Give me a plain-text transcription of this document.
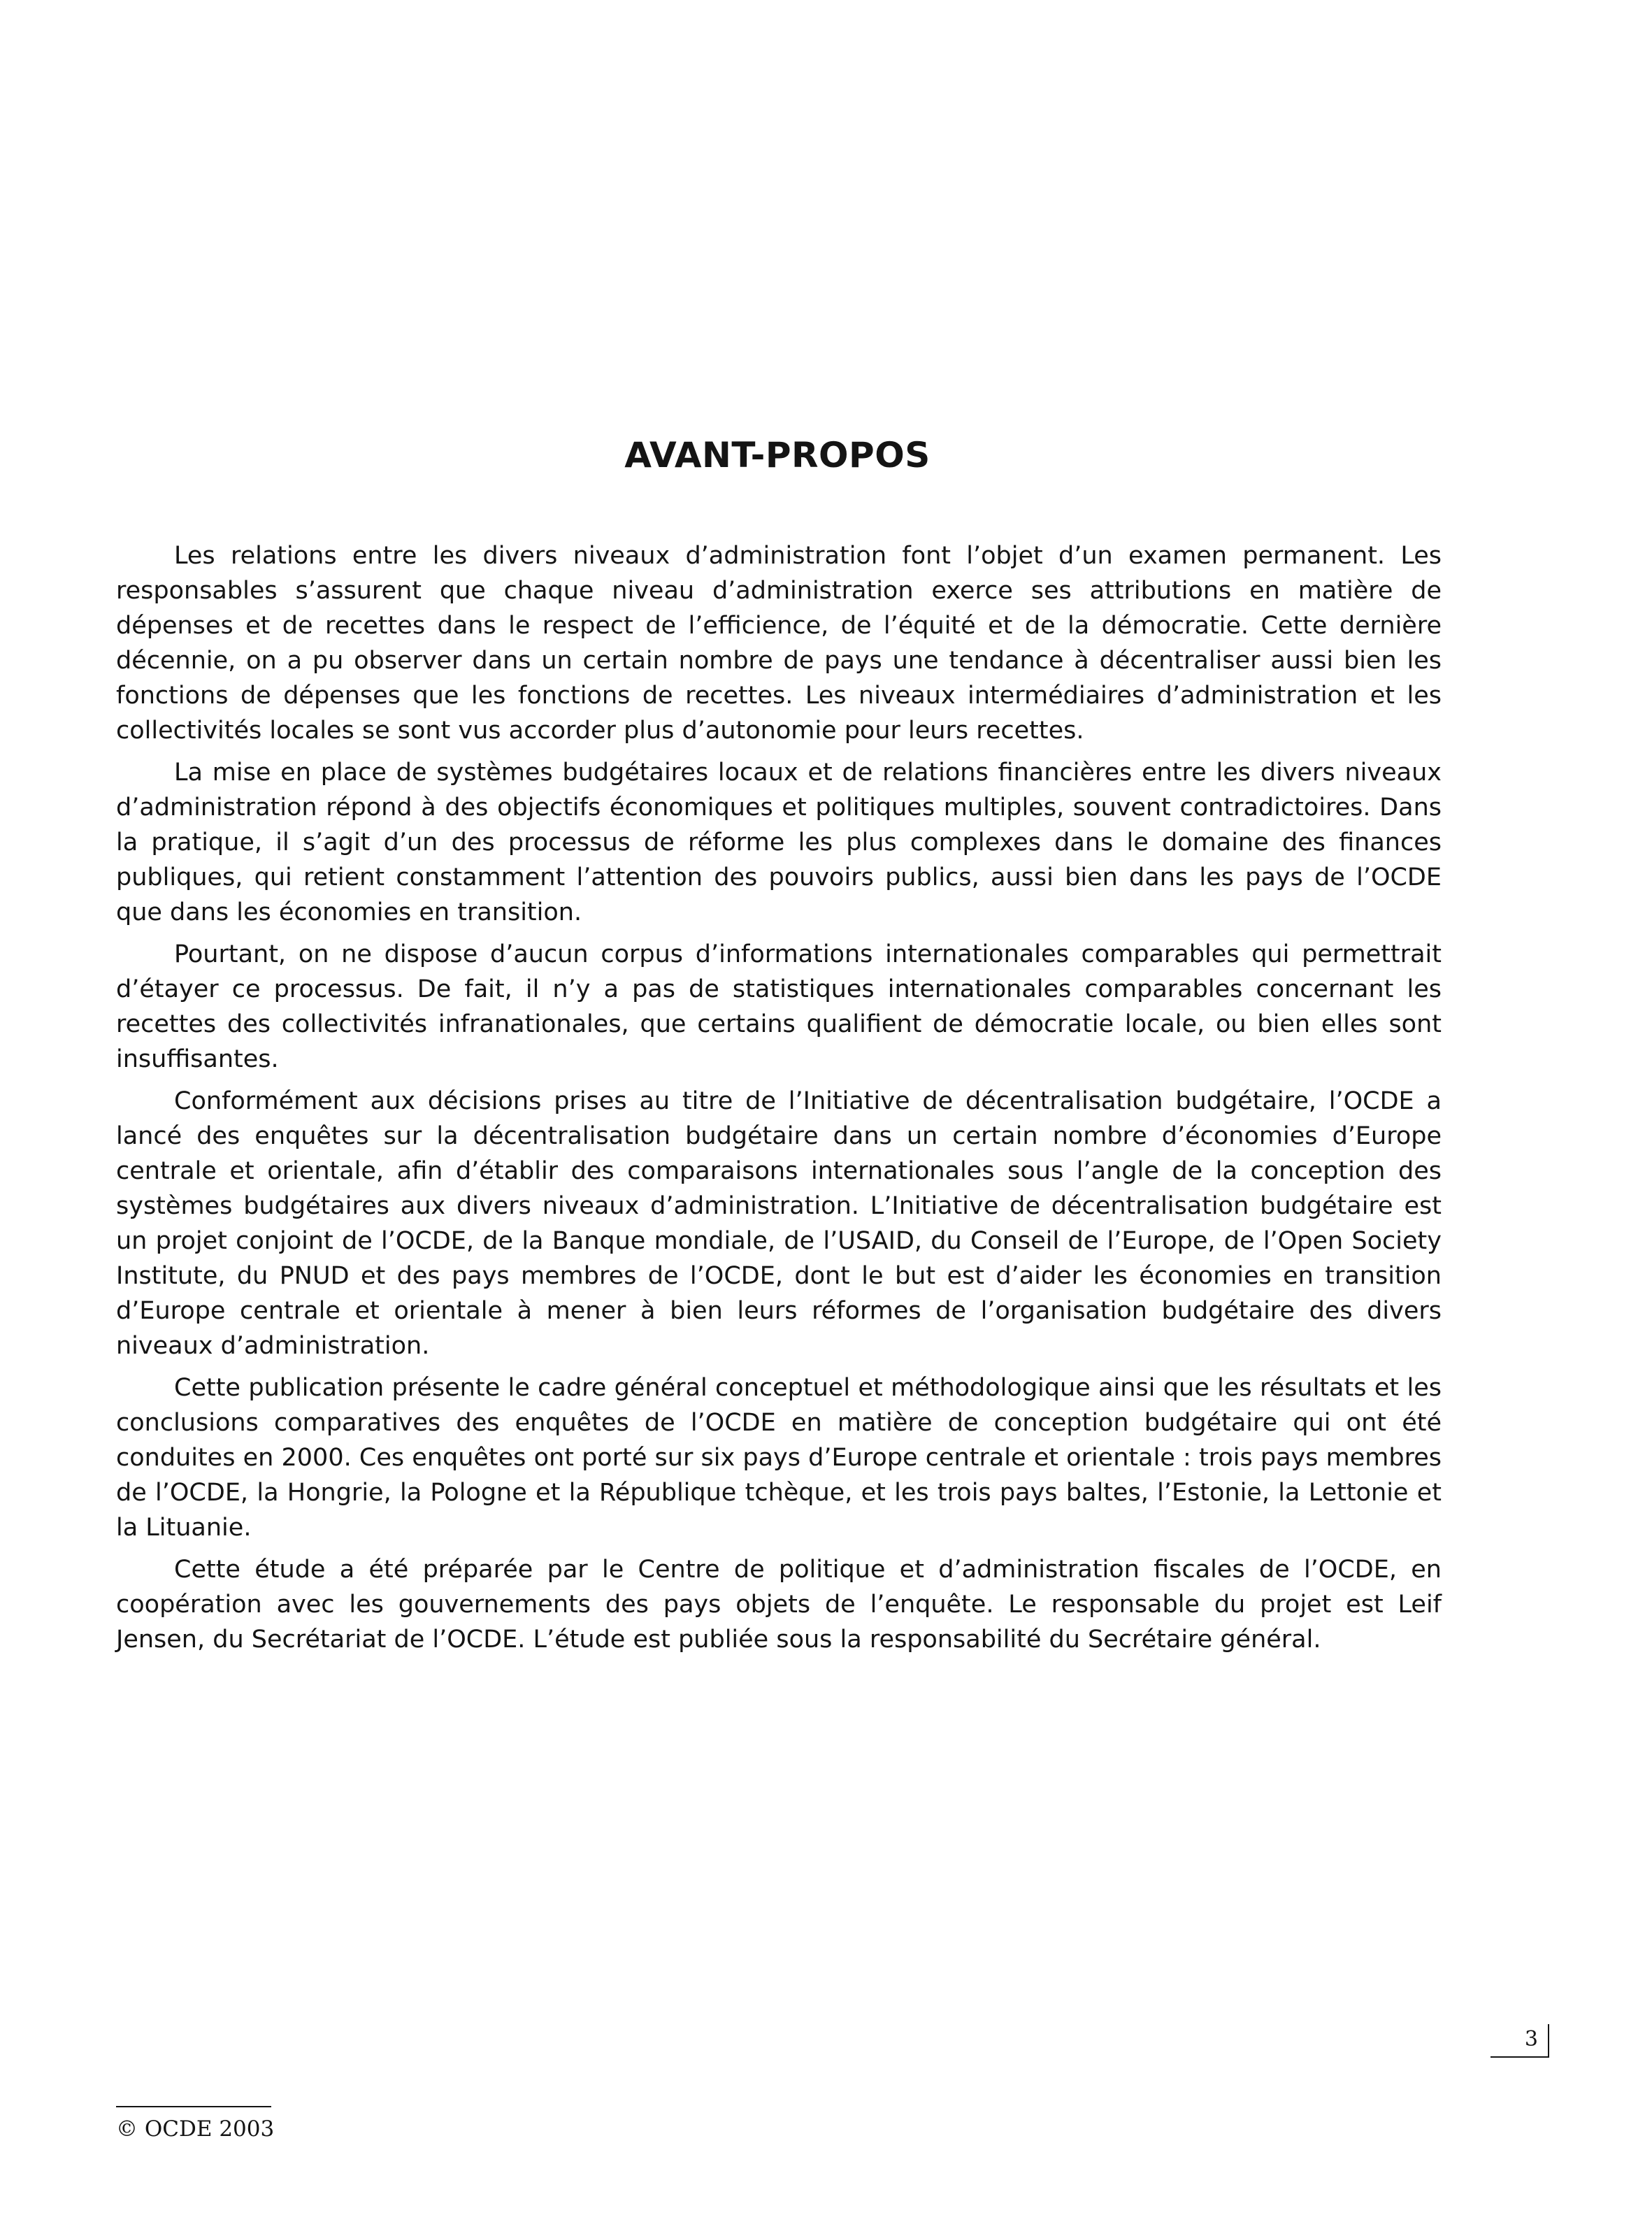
AVANT-PROPOS

Les relations entre les divers niveaux d’administration font l’objet d’un examen permanent. Les responsables s’assurent que chaque niveau d’administration exerce ses attributions en matière de dépenses et de recettes dans le respect de l’efficience, de l’équité et de la démocratie. Cette dernière décennie, on a pu observer dans un certain nombre de pays une tendance à décentraliser aussi bien les fonctions de dépenses que les fonctions de recettes. Les niveaux intermédiaires d’administration et les collectivités locales se sont vus accorder plus d’autonomie pour leurs recettes.

La mise en place de systèmes budgétaires locaux et de relations financières entre les divers niveaux d’administration répond à des objectifs économiques et politiques multiples, souvent contradictoires. Dans la pratique, il s’agit d’un des processus de réforme les plus complexes dans le domaine des finances publiques, qui retient constamment l’attention des pouvoirs publics, aussi bien dans les pays de l’OCDE que dans les économies en transition.

Pourtant, on ne dispose d’aucun corpus d’informations internationales comparables qui permettrait d’étayer ce processus. De fait, il n’y a pas de statistiques internationales comparables concernant les recettes des collectivités infranationales, que certains qualifient de démocratie locale, ou bien elles sont insuffisantes.

Conformément aux décisions prises au titre de l’Initiative de décentralisation budgétaire, l’OCDE a lancé des enquêtes sur la décentralisation budgétaire dans un certain nombre d’économies d’Europe centrale et orientale, afin d’établir des comparaisons internationales sous l’angle de la conception des systèmes budgétaires aux divers niveaux d’administration. L’Initiative de décentralisation budgétaire est un projet conjoint de l’OCDE, de la Banque mondiale, de l’USAID, du Conseil de l’Europe, de l’Open Society Institute, du PNUD et des pays membres de l’OCDE, dont le but est d’aider les économies en transition d’Europe centrale et orientale à mener à bien leurs réformes de l’organisation budgétaire des divers niveaux d’administration.

Cette publication présente le cadre général conceptuel et méthodologique ainsi que les résultats et les conclusions comparatives des enquêtes de l’OCDE en matière de conception budgétaire qui ont été conduites en 2000. Ces enquêtes ont porté sur six pays d’Europe centrale et orientale : trois pays membres de l’OCDE, la Hongrie, la Pologne et la République tchèque, et les trois pays baltes, l’Estonie, la Lettonie et la Lituanie.

Cette étude a été préparée par le Centre de politique et d’administration fiscales de l’OCDE, en coopération avec les gouvernements des pays objets de l’enquête. Le responsable du projet est Leif Jensen, du Secrétariat de l’OCDE. L’étude est publiée sous la responsabilité du Secrétaire général.

3
© OCDE 2003
